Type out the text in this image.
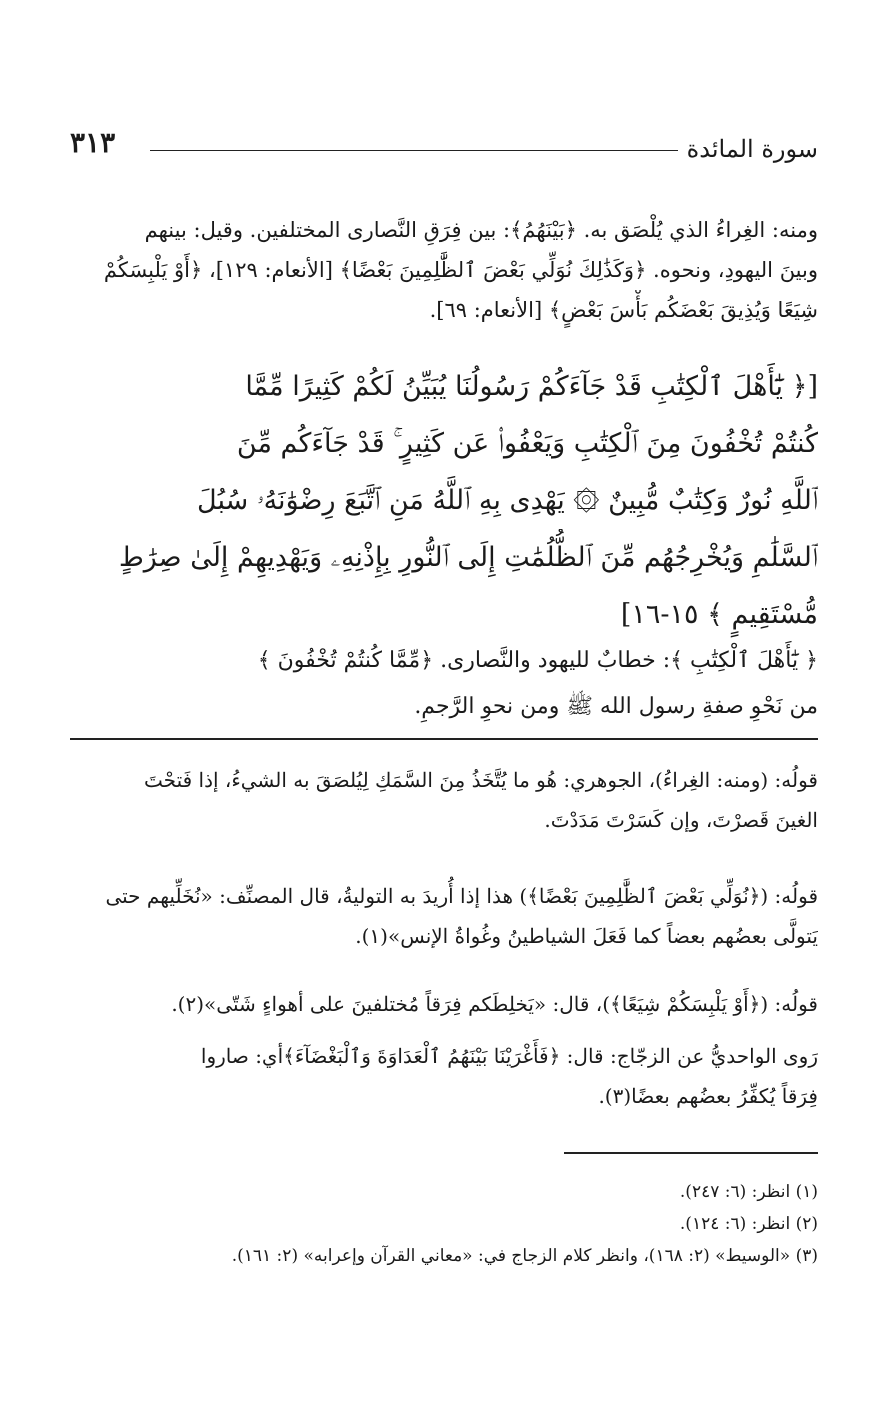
سورة المائدة
٣١٣
ومنه: الغِراءُ الذي يُلْصَق به. ﴿بَيْنَهُمُ﴾: بين فِرَقِ النَّصارى المختلفين. وقيل: بينهم
وبينَ اليهودِ، ونحوه. ﴿وَكَذَٰلِكَ نُوَلِّي بَعْضَ ٱلظَّٰلِمِينَ بَعْضًا﴾ [الأنعام: ١٢٩]، ﴿أَوْ يَلْبِسَكُمْ
شِيَعًا وَيُذِيقَ بَعْضَكُم بَأْسَ بَعْضٍ﴾ [الأنعام: ٦٩].
[﴿ يَٰٓأَهْلَ ٱلْكِتَٰبِ قَدْ جَآءَكُمْ رَسُولُنَا يُبَيِّنُ لَكُمْ كَثِيرًا مِّمَّا
كُنتُمْ تُخْفُونَ مِنَ ٱلْكِتَٰبِ وَيَعْفُوا۟ عَن كَثِيرٍ ۚ قَدْ جَآءَكُم مِّنَ
ٱللَّهِ نُورٌ وَكِتَٰبٌ مُّبِينٌ ۞ يَهْدِى بِهِ ٱللَّهُ مَنِ ٱتَّبَعَ رِضْوَٰنَهُۥ سُبُلَ
ٱلسَّلَٰمِ وَيُخْرِجُهُم مِّنَ ٱلظُّلُمَٰتِ إِلَى ٱلنُّورِ بِإِذْنِهِۦ وَيَهْدِيهِمْ إِلَىٰ صِرَٰطٍ
مُّسْتَقِيمٍ ﴾ ١٥-١٦]
﴿ يَٰٓأَهْلَ ٱلْكِتَٰبِ ﴾: خطابٌ لليهود والنَّصارى. ﴿مِّمَّا كُنتُمْ تُخْفُونَ ﴾
من نَحْوِ صفةِ رسول الله ﷺ ومن نحوِ الرَّجمِ.
قولُه: (ومنه: الغِراءُ)، الجوهري: هُو ما يُتَّخَذُ مِنَ السَّمَكِ لِيُلصَقَ به الشيءُ، إذا فَتحْتَ
الغينَ قَصرْتَ، وإن كَسَرْتَ مَدَدْتَ.
قولُه: (﴿نُوَلِّي بَعْضَ ٱلظَّٰلِمِينَ بَعْضًا﴾) هذا إذا أُريدَ به التوليةُ، قال المصنِّف: «نُخَلِّيهم حتى
يَتولَّى بعضُهم بعضاً كما فَعَلَ الشياطينُ وغُواةُ الإنس»(١).
قولُه: (﴿أَوْ يَلْبِسَكُمْ شِيَعًا﴾)، قال: «يَخلِطَكم فِرَقاً مُختلفينَ على أهواءٍ شَتّى»(٢).
رَوى الواحديُّ عن الزجّاج: قال: ﴿فَأَغْرَيْنَا بَيْنَهُمُ ٱلْعَدَاوَةَ وَٱلْبَغْضَآءَ﴾أي: صاروا
فِرَقاً يُكفِّرُ بعضُهم بعضًا(٣).
(١) انظر: (٦: ٢٤٧).
(٢) انظر: (٦: ١٢٤).
(٣) «الوسيط» (٢: ١٦٨)، وانظر كلام الزجاج في: «معاني القرآن وإعرابه» (٢: ١٦١).
